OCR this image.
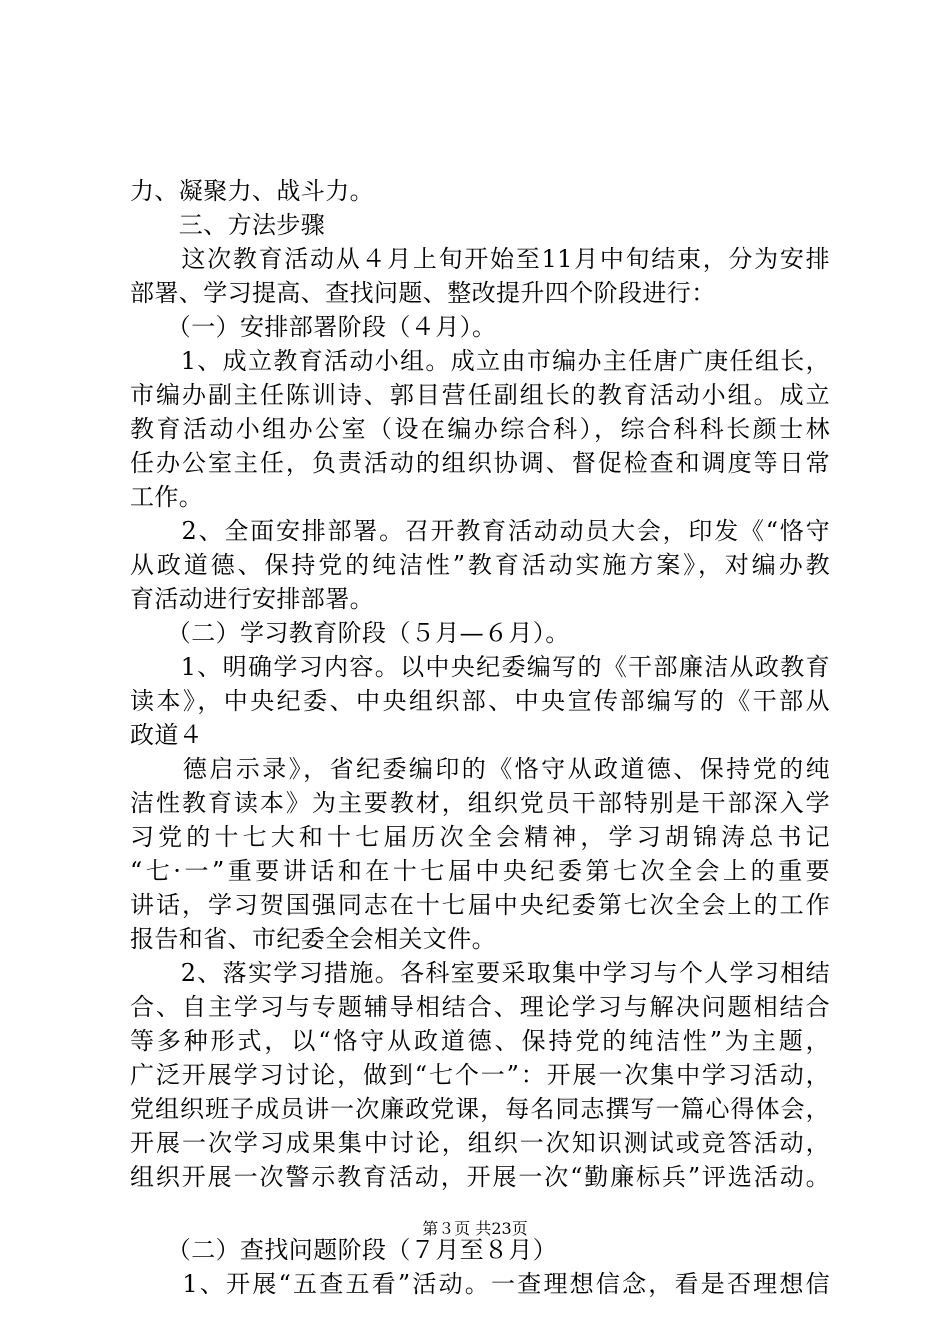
力、凝聚力、战斗力。
　　三、方法步骤
　　这次教育活动从４月上旬开始至11月中旬结束，分为安排
部署、学习提高、查找问题、整改提升四个阶段进行：
　　（一）安排部署阶段（４月）。
　　1、成立教育活动小组。成立由市编办主任唐广庚任组长，
市编办副主任陈训诗、郭目营任副组长的教育活动小组。成立
教育活动小组办公室（设在编办综合科），综合科科长颜士林
任办公室主任，负责活动的组织协调、督促检查和调度等日常
工作。
　　2、全面安排部署。召开教育活动动员大会，印发《“恪守
从政道德、保持党的纯洁性”教育活动实施方案》，对编办教
育活动进行安排部署。
　　（二）学习教育阶段（５月—６月）。
　　1、明确学习内容。以中央纪委编写的《干部廉洁从政教育
读本》，中央纪委、中央组织部、中央宣传部编写的《干部从
政道４
　　德启示录》，省纪委编印的《恪守从政道德、保持党的纯
洁性教育读本》为主要教材，组织党员干部特别是干部深入学
习党的十七大和十七届历次全会精神，学习胡锦涛总书记
“七·一”重要讲话和在十七届中央纪委第七次全会上的重要
讲话，学习贺国强同志在十七届中央纪委第七次全会上的工作
报告和省、市纪委全会相关文件。
　　2、落实学习措施。各科室要采取集中学习与个人学习相结
合、自主学习与专题辅导相结合、理论学习与解决问题相结合
等多种形式，以“恪守从政道德、保持党的纯洁性”为主题，
广泛开展学习讨论，做到“七个一”：开展一次集中学习活动，
党组织班子成员讲一次廉政党课，每名同志撰写一篇心得体会，
开展一次学习成果集中讨论，组织一次知识测试或竞答活动，
组织开展一次警示教育活动，开展一次“勤廉标兵”评选活动。
　　（二）查找问题阶段（７月至８月）
　　1、开展“五查五看”活动。一查理想信念，看是否理想信
第３页 共23页
